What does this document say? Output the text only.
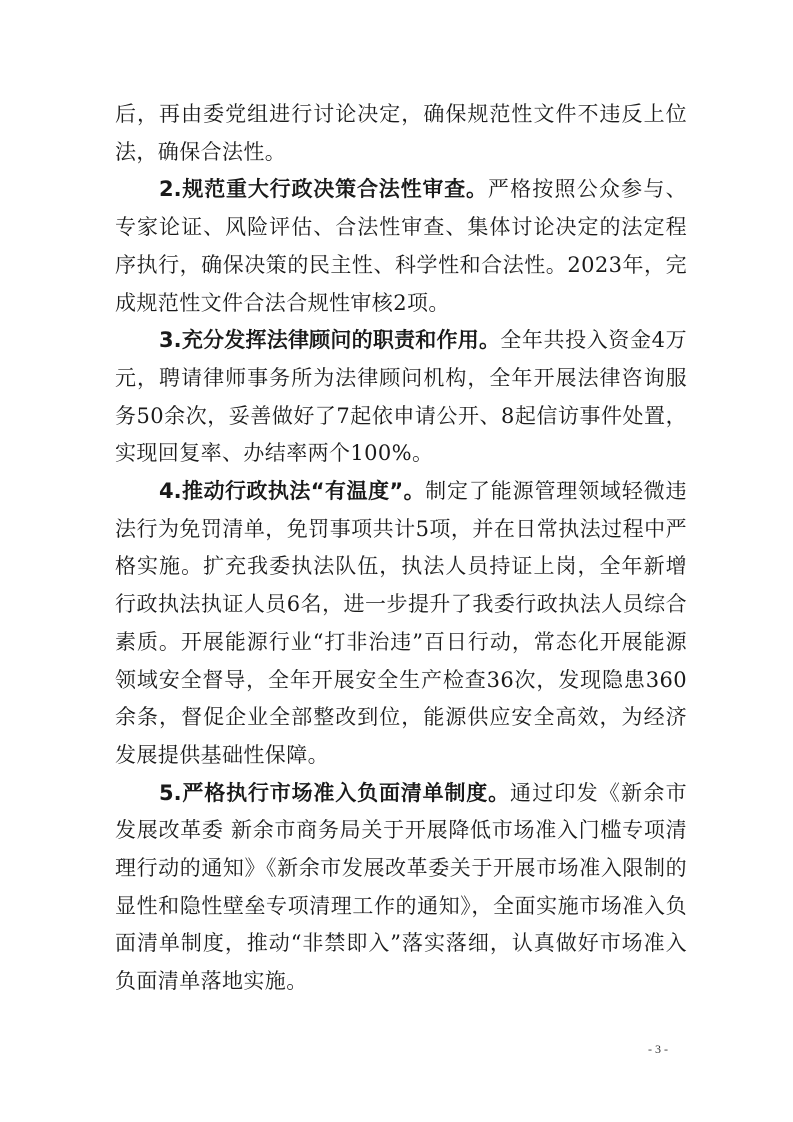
后，再由委党组进行讨论决定，确保规范性文件不违反上位法，确保合法性。

2.规范重大行政决策合法性审查。严格按照公众参与、专家论证、风险评估、合法性审查、集体讨论决定的法定程序执行，确保决策的民主性、科学性和合法性。2023年，完成规范性文件合法合规性审核2项。

3.充分发挥法律顾问的职责和作用。全年共投入资金4万元，聘请律师事务所为法律顾问机构，全年开展法律咨询服务50余次，妥善做好了7起依申请公开、8起信访事件处置，实现回复率、办结率两个100%。

4.推动行政执法“有温度”。制定了能源管理领域轻微违法行为免罚清单，免罚事项共计5项，并在日常执法过程中严格实施。扩充我委执法队伍，执法人员持证上岗，全年新增行政执法执证人员6名，进一步提升了我委行政执法人员综合素质。开展能源行业“打非治违”百日行动，常态化开展能源领域安全督导，全年开展安全生产检查36次，发现隐患360余条，督促企业全部整改到位，能源供应安全高效，为经济发展提供基础性保障。

5.严格执行市场准入负面清单制度。通过印发《新余市发展改革委 新余市商务局关于开展降低市场准入门槛专项清理行动的通知》《新余市发展改革委关于开展市场准入限制的显性和隐性壁垒专项清理工作的通知》，全面实施市场准入负面清单制度，推动“非禁即入”落实落细，认真做好市场准入负面清单落地实施。

- 3 -
